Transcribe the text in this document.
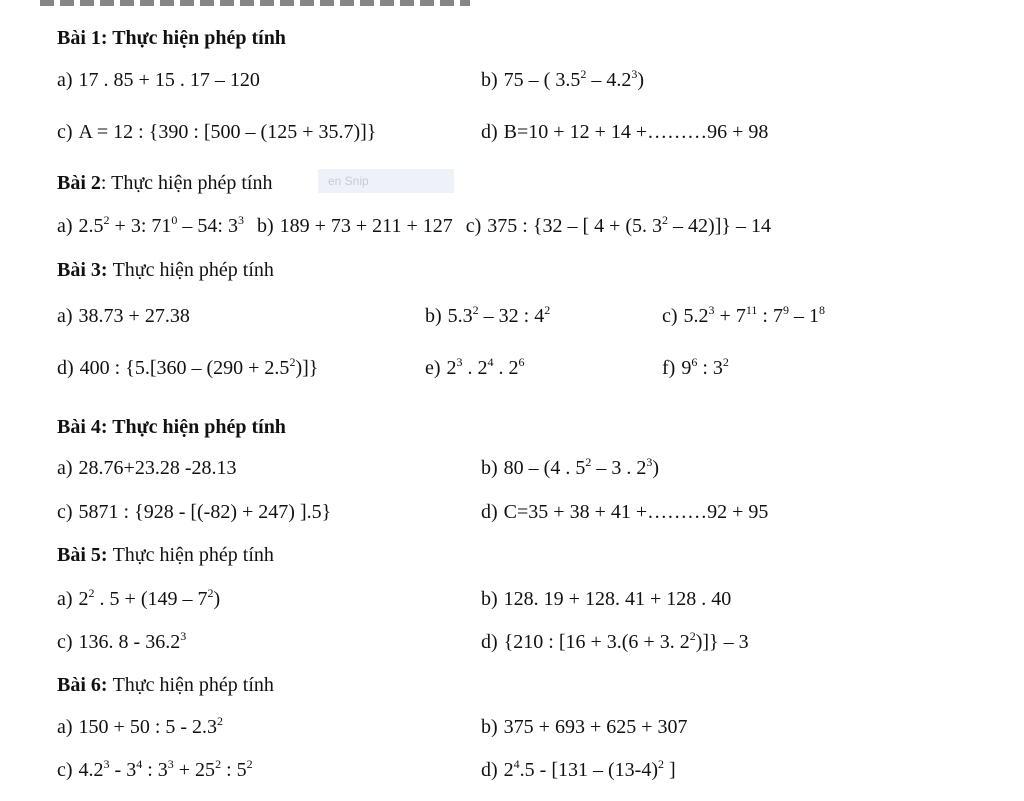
en Snip
Bài 1: Thực hiện phép tính
a) 17 . 85 + 15 . 17 – 120	b) 75 – ( $3.5^2 - 4.2^3$)
c) A = 12 : {390 : [500 – (125 + 35.7)]}	d) B=10 + 12 + 14 +………96 + 98
Bài 2: Thực hiện phép tính
a) $2.5^2 + 3$: $71^0 - 54$: $3^3$ b) 189 + 73 + 211 + 127 c) 375 : {32 – [ 4 + (5. $3^2 - 42)]\} - 14$
Bài 3: Thực hiện phép tính
a) 38.73 + 27.38	b) $5.3^2 - 32$ : $4^2$	c) $5.2^3 + 7^{11}$ : $7^9 - 1^8$
d) 400 : $\{5.[360 - (290 + 2.5^2)]\}$	e) $2^3$ . $2^4$ . $2^6$	f) $9^6$ : $3^2$
Bài 4: Thực hiện phép tính
a) 28.76+23.28 -28.13	b) 80 – (4 . $5^2 - 3$ . $2^3$)
c) 5871 : {928 - [(-82) + 247) ].5}	d) C=35 + 38 + 41 +………92 + 95
Bài 5: Thực hiện phép tính
a) $2^2$ . $5 + (149 - 7^2)$	b) 128. 19 + 128. 41 + 128 . 40
c) 136. 8 - 36.2$^3$	d) {210 : [16 + 3.(6 + 3. $2^2)]\} - 3$
Bài 6: Thực hiện phép tính
a) 150 + 50 : $5 - 2.3^2$	b) 375 + 693 + 625 + 307
c) $4.2^3 - 3^4$ : $3^3 + 25^2$ : $5^2$	d) $2^4.5 - [131 - (13-4)^2$ ]
